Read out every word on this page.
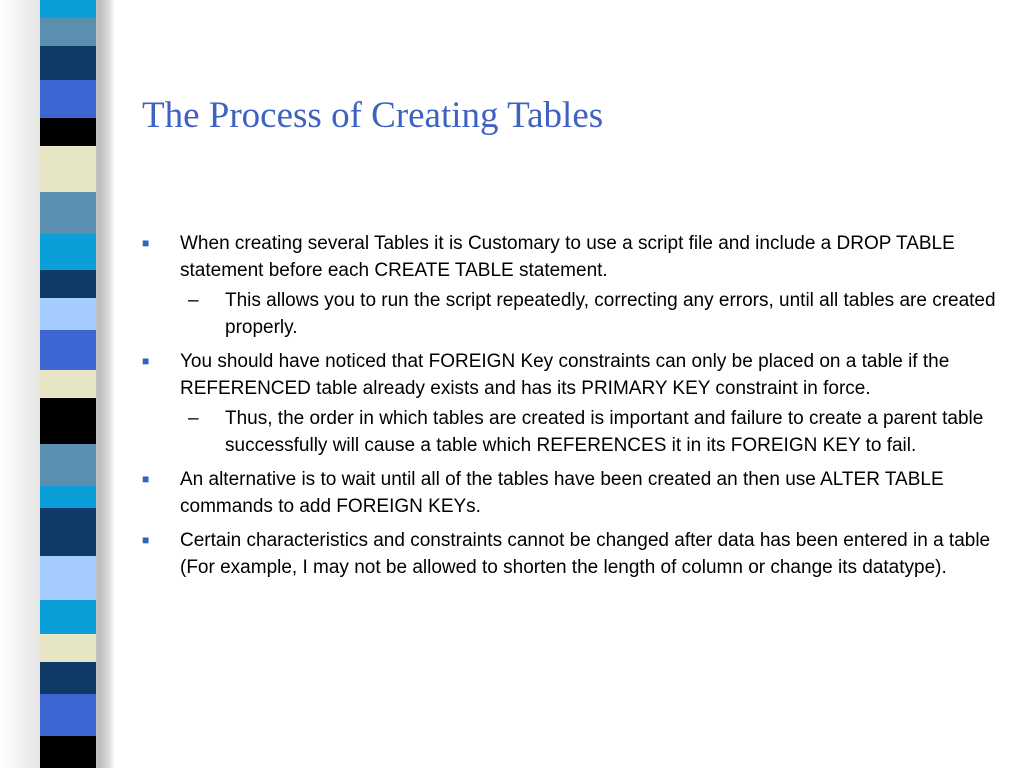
The Process of Creating Tables
■	When creating several Tables it is Customary to use a script file and include a DROP TABLE statement before each CREATE TABLE statement.
–	This allows you to run the script repeatedly, correcting any errors, until all tables are created properly.
■	You should have noticed that FOREIGN Key constraints can only be placed on a table if the REFERENCED table already exists and has its PRIMARY KEY constraint in force.
–	Thus, the order in which tables are created is important and failure to create a parent table successfully will cause a table which REFERENCES it in its FOREIGN KEY to fail.
■	An alternative is to wait until all of the tables have been created an then use ALTER TABLE commands to add FOREIGN KEYs.
■	Certain characteristics and constraints cannot be changed after data has been entered in a table (For example, I may not be allowed to shorten the length of column or change its datatype).
